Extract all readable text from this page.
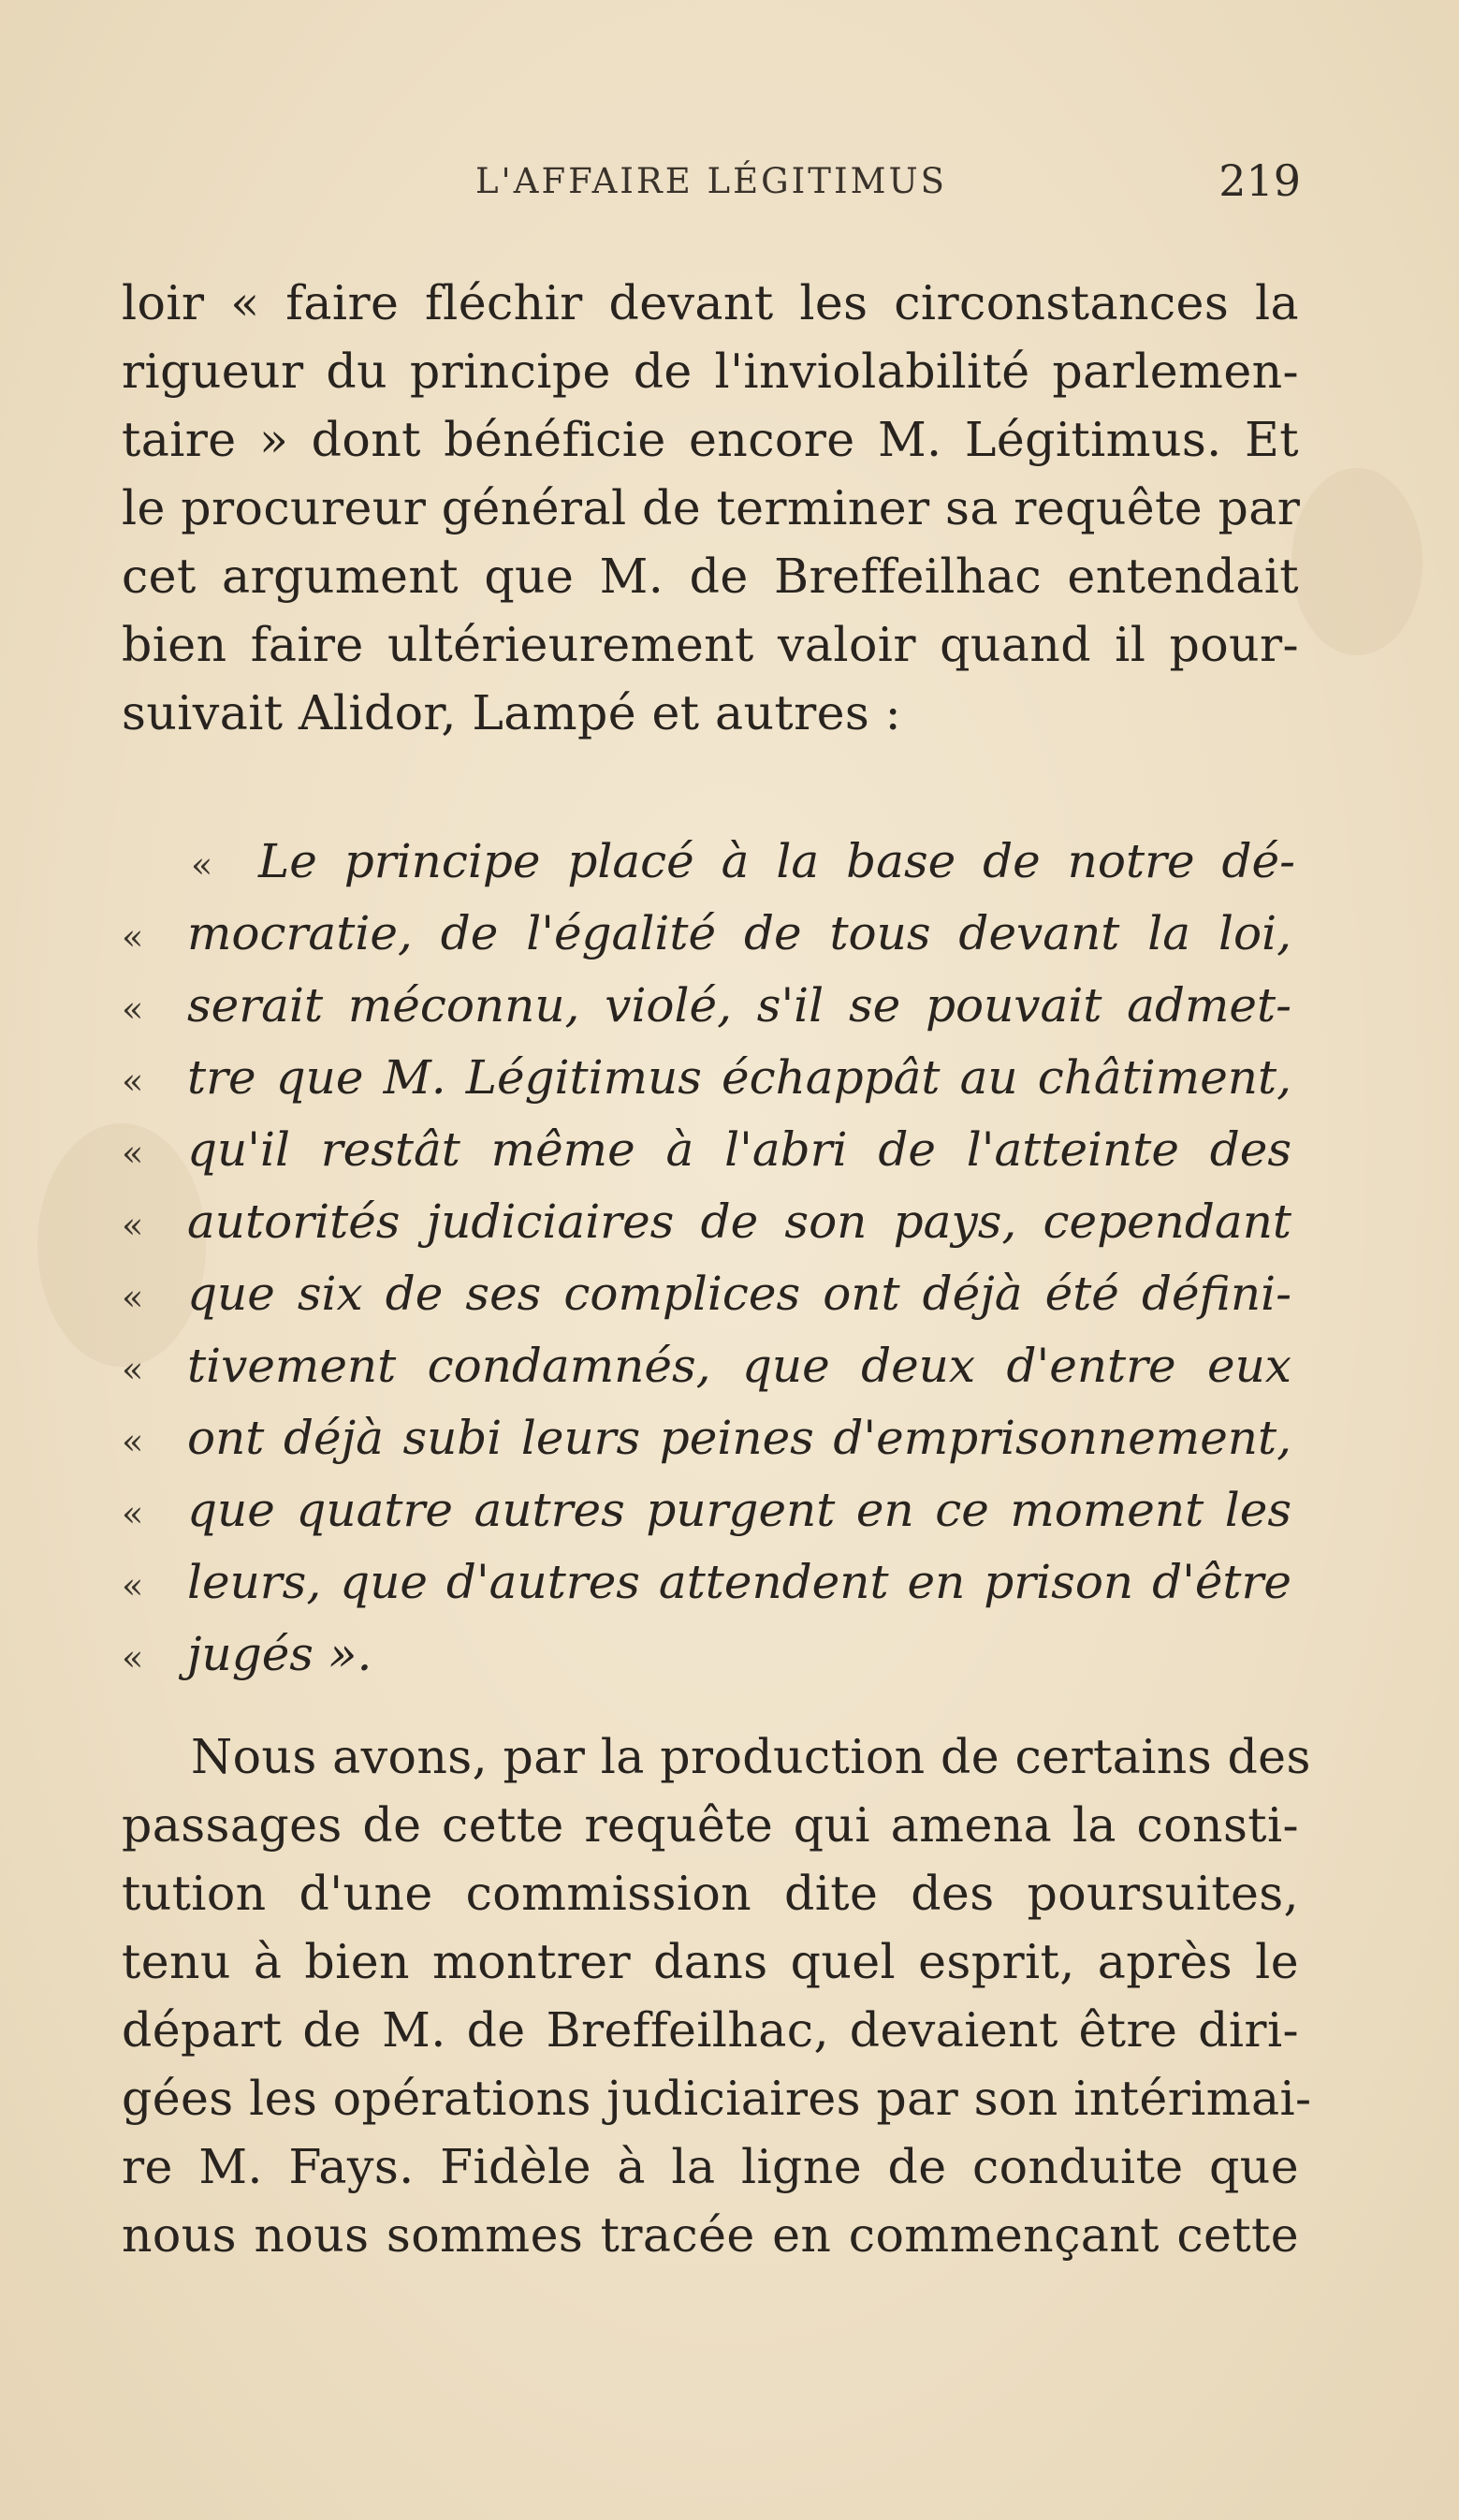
L'AFFAIRE LÉGITIMUS	219
loir « faire fléchir devant les circonstances la
rigueur du principe de l'inviolabilité parlemen-
taire » dont bénéficie encore M. Légitimus. Et
le procureur général de terminer sa requête par
cet argument que M. de Breffeilhac entendait
bien faire ultérieurement valoir quand il pour-
suivait Alidor, Lampé et autres :
« Le principe placé à la base de notre dé-
« mocratie, de l'égalité de tous devant la loi,
« serait méconnu, violé, s'il se pouvait admet-
« tre que M. Légitimus échappât au châtiment,
« qu'il restât même à l'abri de l'atteinte des
« autorités judiciaires de son pays, cependant
« que six de ses complices ont déjà été défini-
« tivement condamnés, que deux d'entre eux
« ont déjà subi leurs peines d'emprisonnement,
« que quatre autres purgent en ce moment les
« leurs, que d'autres attendent en prison d'être
« jugés ».
Nous avons, par la production de certains des
passages de cette requête qui amena la consti-
tution d'une commission dite des poursuites,
tenu à bien montrer dans quel esprit, après le
départ de M. de Breffeilhac, devaient être diri-
gées les opérations judiciaires par son intérimai-
re M. Fays. Fidèle à la ligne de conduite que
nous nous sommes tracée en commençant cette
